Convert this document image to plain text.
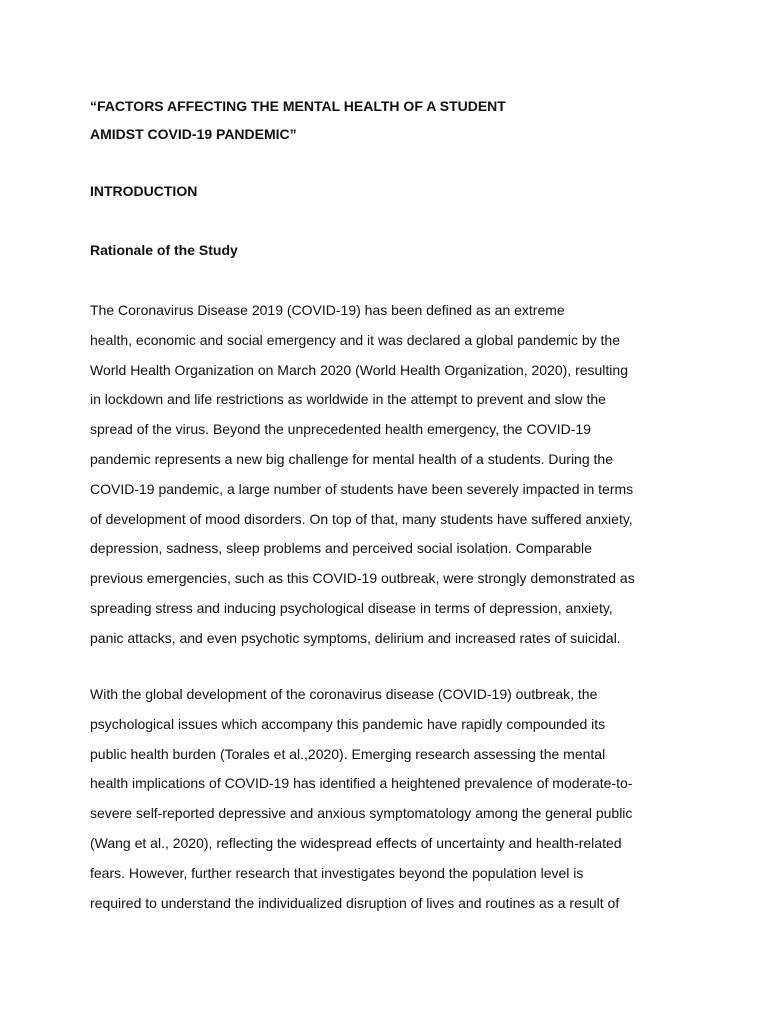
“FACTORS AFFECTING THE MENTAL HEALTH OF A STUDENT
AMIDST COVID-19 PANDEMIC”
INTRODUCTION
Rationale of the Study
The Coronavirus Disease 2019 (COVID-19) has been defined as an extreme
health, economic and social emergency and it was declared a global pandemic by the
World Health Organization on March 2020 (World Health Organization, 2020), resulting
in lockdown and life restrictions as worldwide in the attempt to prevent and slow the
spread of the virus. Beyond the unprecedented health emergency, the COVID-19
pandemic represents a new big challenge for mental health of a students. During the
COVID-19 pandemic, a large number of students have been severely impacted in terms
of development of mood disorders. On top of that, many students have suffered anxiety,
depression, sadness, sleep problems and perceived social isolation. Comparable
previous emergencies, such as this COVID-19 outbreak, were strongly demonstrated as
spreading stress and inducing psychological disease in terms of depression, anxiety,
panic attacks, and even psychotic symptoms, delirium and increased rates of suicidal.
With the global development of the coronavirus disease (COVID-19) outbreak, the
psychological issues which accompany this pandemic have rapidly compounded its
public health burden (Torales et al.,2020). Emerging research assessing the mental
health implications of COVID-19 has identified a heightened prevalence of moderate-to-
severe self-reported depressive and anxious symptomatology among the general public
(Wang et al., 2020), reflecting the widespread effects of uncertainty and health-related
fears. However, further research that investigates beyond the population level is
required to understand the individualized disruption of lives and routines as a result of
